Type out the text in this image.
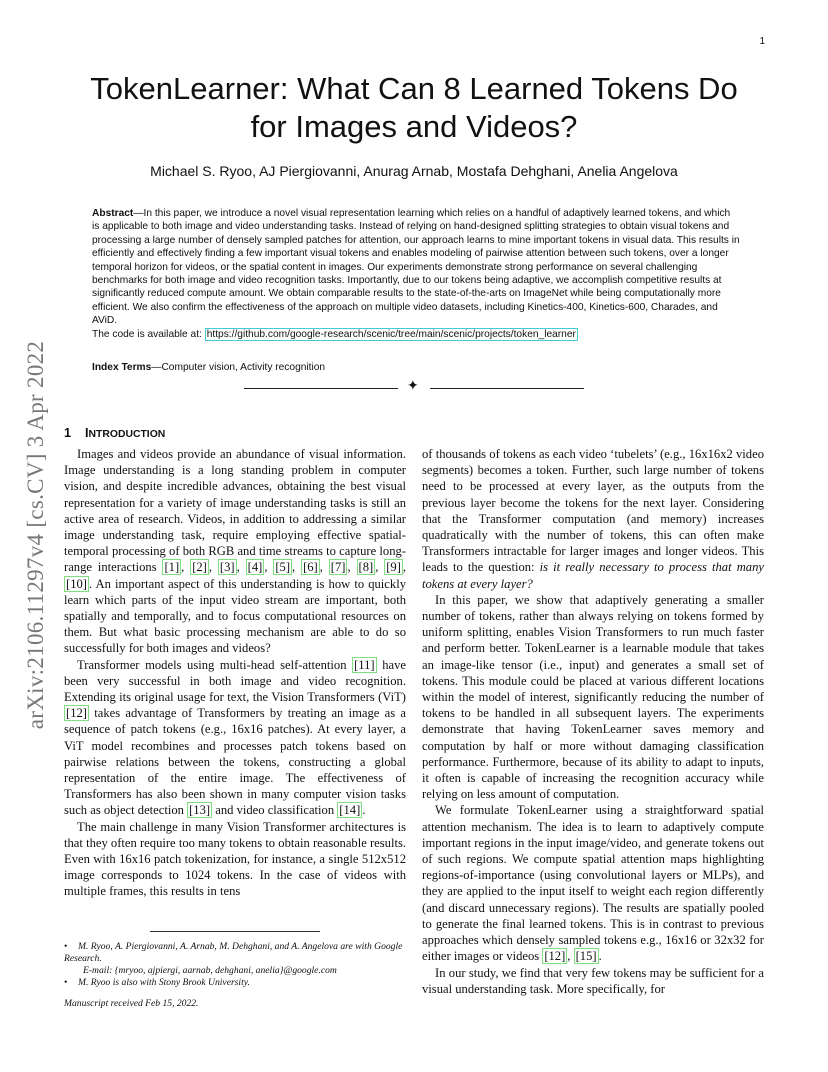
1
arXiv:2106.11297v4 [cs.CV] 3 Apr 2022
TokenLearner: What Can 8 Learned Tokens Do
for Images and Videos?
Michael S. Ryoo, AJ Piergiovanni, Anurag Arnab, Mostafa Dehghani, Anelia Angelova
Abstract—In this paper, we introduce a novel visual representation learning which relies on a handful of adaptively learned tokens, and which is applicable to both image and video understanding tasks. Instead of relying on hand-designed splitting strategies to obtain visual tokens and processing a large number of densely sampled patches for attention, our approach learns to mine important tokens in visual data. This results in efficiently and effectively finding a few important visual tokens and enables modeling of pairwise attention between such tokens, over a longer temporal horizon for videos, or the spatial content in images. Our experiments demonstrate strong performance on several challenging benchmarks for both image and video recognition tasks. Importantly, due to our tokens being adaptive, we accomplish competitive results at significantly reduced compute amount. We obtain comparable results to the state-of-the-arts on ImageNet while being computationally more efficient. We also confirm the effectiveness of the approach on multiple video datasets, including Kinetics-400, Kinetics-600, Charades, and AViD.
The code is available at: https://github.com/google-research/scenic/tree/main/scenic/projects/token_learner
Index Terms—Computer vision, Activity recognition
✦
1 INTRODUCTION

Images and videos provide an abundance of visual information. Image understanding is a long standing problem in computer vision, and despite incredible advances, obtaining the best visual representation for a variety of image understanding tasks is still an active area of research. Videos, in addition to addressing a similar image understanding task, require employing effective spatial-temporal processing of both RGB and time streams to capture long-range interactions [1] , [2] , [3] , [4] , [5] , [6] , [7] , [8] , [9] , [10] . An important aspect of this understanding is how to quickly learn which parts of the input video stream are important, both spatially and temporally, and to focus computational resources on them. But what basic processing mechanism are able to do so successfully for both images and videos?

Transformer models using multi-head self-attention [11] have been very successful in both image and video recognition. Extending its original usage for text, the Vision Transformers (ViT) [12] takes advantage of Transformers by treating an image as a sequence of patch tokens (e.g., 16x16 patches). At every layer, a ViT model recombines and processes patch tokens based on pairwise relations between the tokens, constructing a global representation of the entire image. The effectiveness of Transformers has also been shown in many computer vision tasks such as object detection [13] and video classification [14] .

The main challenge in many Vision Transformer architectures is that they often require too many tokens to obtain reasonable results. Even with 16x16 patch tokenization, for instance, a single 512x512 image corresponds to 1024 tokens. In the case of videos with multiple frames, this results in tens

• M. Ryoo, A. Piergiovanni, A. Arnab, M. Dehghani, and A. Angelova are with Google Research.
E-mail: {mryoo, ajpiergi, aarnab, dehghani, anelia}@google.com
• M. Ryoo is also with Stony Brook University.
Manuscript received Feb 15, 2022.

of thousands of tokens as each video ‘tubelets’ (e.g., 16x16x2 video segments) becomes a token. Further, such large number of tokens need to be processed at every layer, as the outputs from the previous layer become the tokens for the next layer. Considering that the Transformer computation (and memory) increases quadratically with the number of tokens, this can often make Transformers intractable for larger images and longer videos. This leads to the question: is it really necessary to process that many tokens at every layer?

In this paper, we show that adaptively generating a smaller number of tokens, rather than always relying on tokens formed by uniform splitting, enables Vision Transformers to run much faster and perform better. TokenLearner is a learnable module that takes an image-like tensor (i.e., input) and generates a small set of tokens. This module could be placed at various different locations within the model of interest, significantly reducing the number of tokens to be handled in all subsequent layers. The experiments demonstrate that having TokenLearner saves memory and computation by half or more without damaging classification performance. Furthermore, because of its ability to adapt to inputs, it often is capable of increasing the recognition accuracy while relying on less amount of computation.

We formulate TokenLearner using a straightforward spatial attention mechanism. The idea is to learn to adaptively compute important regions in the input image/video, and generate tokens out of such regions. We compute spatial attention maps highlighting regions-of-importance (using convolutional layers or MLPs), and they are applied to the input itself to weight each region differently (and discard unnecessary regions). The results are spatially pooled to generate the final learned tokens. This is in contrast to previous approaches which densely sampled tokens e.g., 16x16 or 32x32 for either images or videos [12] , [15] .

In our study, we find that very few tokens may be sufficient for a visual understanding task. More specifically, for
